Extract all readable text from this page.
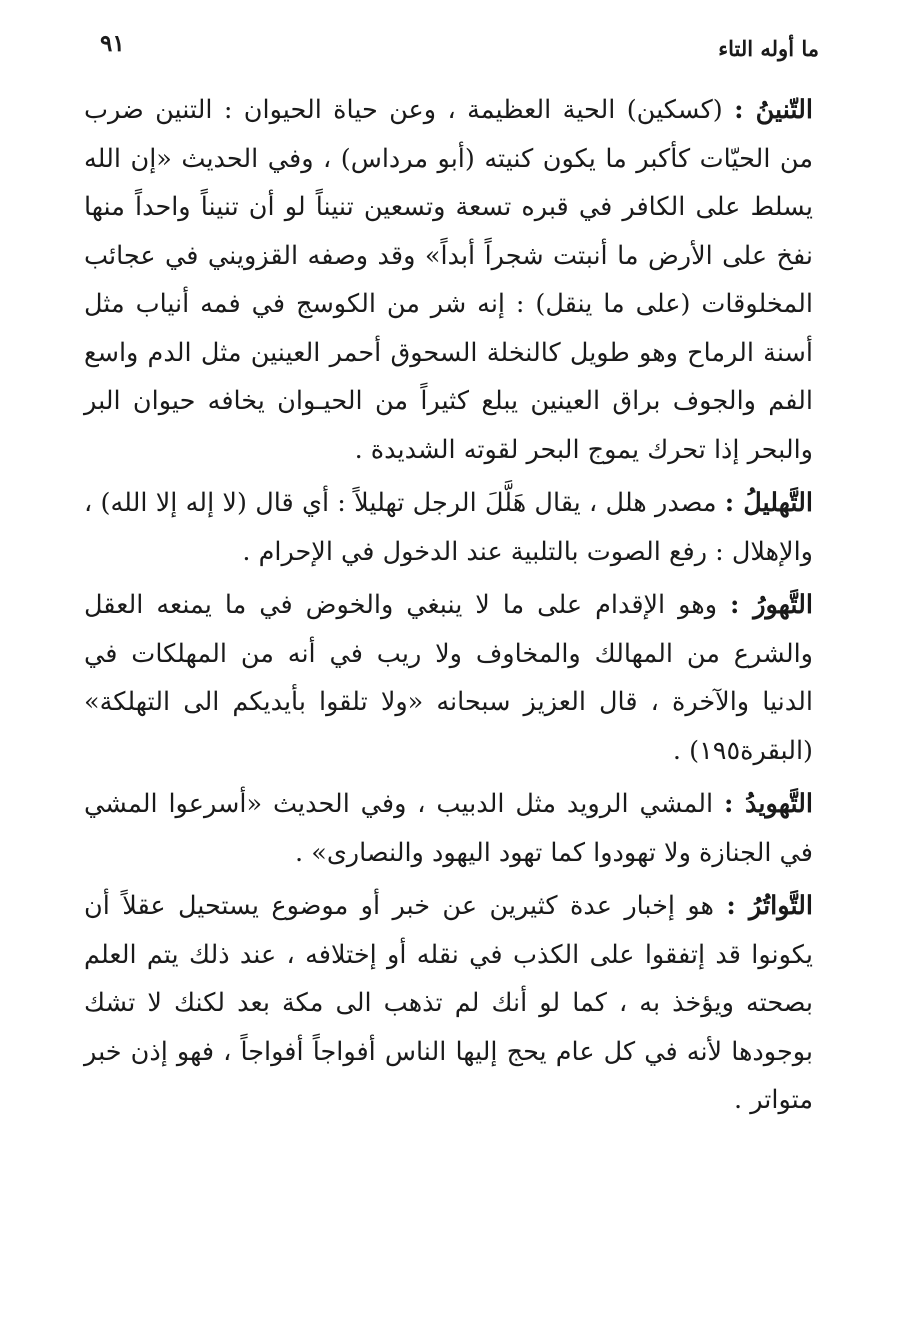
ما أوله التاء
٩١

التّنينُ : (كسكين) الحية العظيمة ، وعن حياة الحيوان : التنين ضرب من الحيّات كأكبر ما يكون كنيته (أبو مرداس) ، وفي الحديث «إن الله يسلط على الكافر في قبره تسعة وتسعين تنيناً لو أن تنيناً واحداً منها نفخ على الأرض ما أنبتت شجراً أبداً» وقد وصفه القزويني في عجائب المخلوقات (على ما ينقل) : إنه شر من الكوسج في فمه أنياب مثل أسنة الرماح وهو طويل كالنخلة السحوق أحمر العينين مثل الدم واسع الفم والجوف براق العينين يبلع كثيراً من الحيـوان يخافه حيوان البر والبحر إذا تحرك يموج البحر لقوته الشديدة .

التَّهليلُ : مصدر هلل ، يقال هَلَّلَ الرجل تهليلاً : أي قال (لا إله إلا الله) ، والإهلال : رفع الصوت بالتلبية عند الدخول في الإحرام .

التَّهورُ : وهو الإقدام على ما لا ينبغي والخوض في ما يمنعه العقل والشرع من المهالك والمخاوف ولا ريب في أنه من المهلكات في الدنيا والآخرة ، قال العزيز سبحانه «ولا تلقوا بأيديكم الى التهلكة» (البقرة١٩٥) .

التَّهويدُ : المشي الرويد مثل الدبيب ، وفي الحديث «أسرعوا المشي في الجنازة ولا تهودوا كما تهود اليهود والنصارى» .

التَّواتُرُ : هو إخبار عدة كثيرين عن خبر أو موضوع يستحيل عقلاً أن يكونوا قد إتفقوا على الكذب في نقله أو إختلافه ، عند ذلك يتم العلم بصحته ويؤخذ به ، كما لو أنك لم تذهب الى مكة بعد لكنك لا تشك بوجودها لأنه في كل عام يحج إليها الناس أفواجاً أفواجاً ، فهو إذن خبر متواتر .
